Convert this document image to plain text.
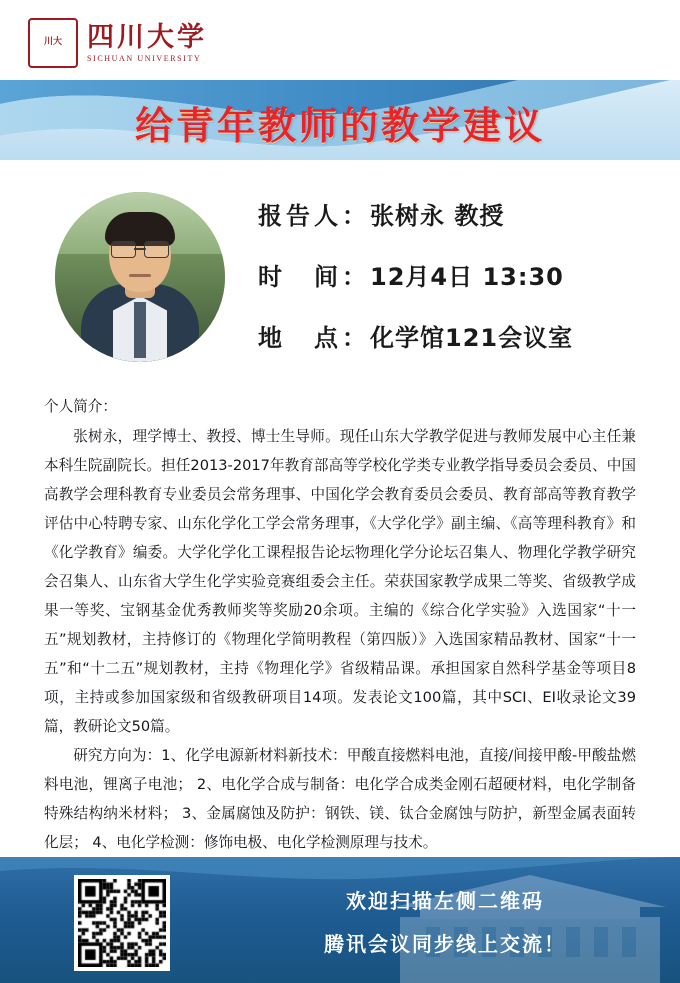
川大 四川大学
SICHUAN UNIVERSITY
给青年教师的教学建议
报告人：张树永 教授
时　间：12月4日 13:30
地　点：化学馆121会议室
个人简介：

张树永，理学博士、教授、博士生导师。现任山东大学教学促进与教师发展中心主任兼本科生院副院长。担任2013-2017年教育部高等学校化学类专业教学指导委员会委员、中国高教学会理科教育专业委员会常务理事、中国化学会教育委员会委员、教育部高等教育教学评估中心特聘专家、山东化学化工学会常务理事，《大学化学》副主编、《高等理科教育》和《化学教育》编委。大学化学化工课程报告论坛物理化学分论坛召集人、物理化学教学研究会召集人、山东省大学生化学实验竞赛组委会主任。荣获国家教学成果二等奖、省级教学成果一等奖、宝钢基金优秀教师奖等奖励20余项。主编的《综合化学实验》入选国家“十一五”规划教材，主持修订的《物理化学简明教程（第四版）》入选国家精品教材、国家“十一五”和“十二五”规划教材，主持《物理化学》省级精品课。承担国家自然科学基金等项目8项，主持或参加国家级和省级教研项目14项。发表论文100篇，其中SCI、EI收录论文39篇，教研论文50篇。

研究方向为：1、化学电源新材料新技术：甲酸直接燃料电池，直接/间接甲酸-甲酸盐燃料电池，锂离子电池； 2、电化学合成与制备：电化学合成类金刚石超硬材料，电化学制备特殊结构纳米材料； 3、金属腐蚀及防护：钢铁、镁、钛合金腐蚀与防护，新型金属表面转化层； 4、电化学检测：修饰电极、电化学检测原理与技术。

欢迎扫描左侧二维码
腾讯会议同步线上交流！
